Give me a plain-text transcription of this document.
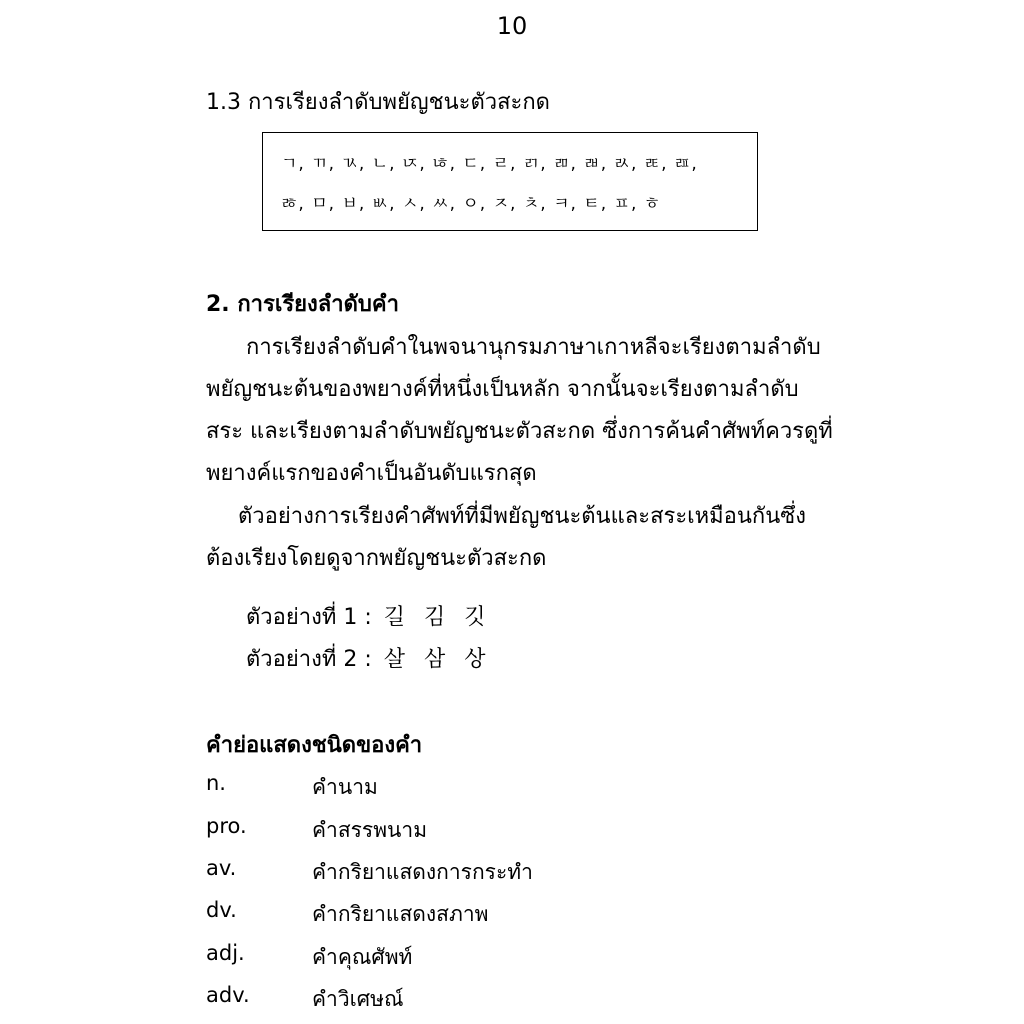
10
1.3 การเรียงลำดับพยัญชนะตัวสะกด
ㄱ, ㄲ, ㄳ, ㄴ, ㄵ, ㄶ, ㄷ, ㄹ, ㄺ, ㄻ, ㄼ, ㄽ, ㄾ, ㄿ,
ㅀ, ㅁ, ㅂ, ㅄ, ㅅ, ㅆ, ㅇ, ㅈ, ㅊ, ㅋ, ㅌ, ㅍ, ㅎ
2. การเรียงลำดับคำ
การเรียงลำดับคำในพจนานุกรมภาษาเกาหลีจะเรียงตามลำดับ
พยัญชนะต้นของพยางค์ที่หนึ่งเป็นหลัก จากนั้นจะเรียงตามลำดับ
สระ และเรียงตามลำดับพยัญชนะตัวสะกด ซึ่งการค้นคำศัพท์ควรดูที่
พยางค์แรกของคำเป็นอันดับแรกสุด
ตัวอย่างการเรียงคำศัพท์ที่มีพยัญชนะต้นและสระเหมือนกันซึ่ง
ต้องเรียงโดยดูจากพยัญชนะตัวสะกด
ตัวอย่างที่ 1 : 길 김 깃
ตัวอย่างที่ 2 : 살 삼 상
คำย่อแสดงชนิดของคำ
n.	คำนาม
pro.	คำสรรพนาม
av.	คำกริยาแสดงการกระทำ
dv.	คำกริยาแสดงสภาพ
adj.	คำคุณศัพท์
adv.	คำวิเศษณ์
